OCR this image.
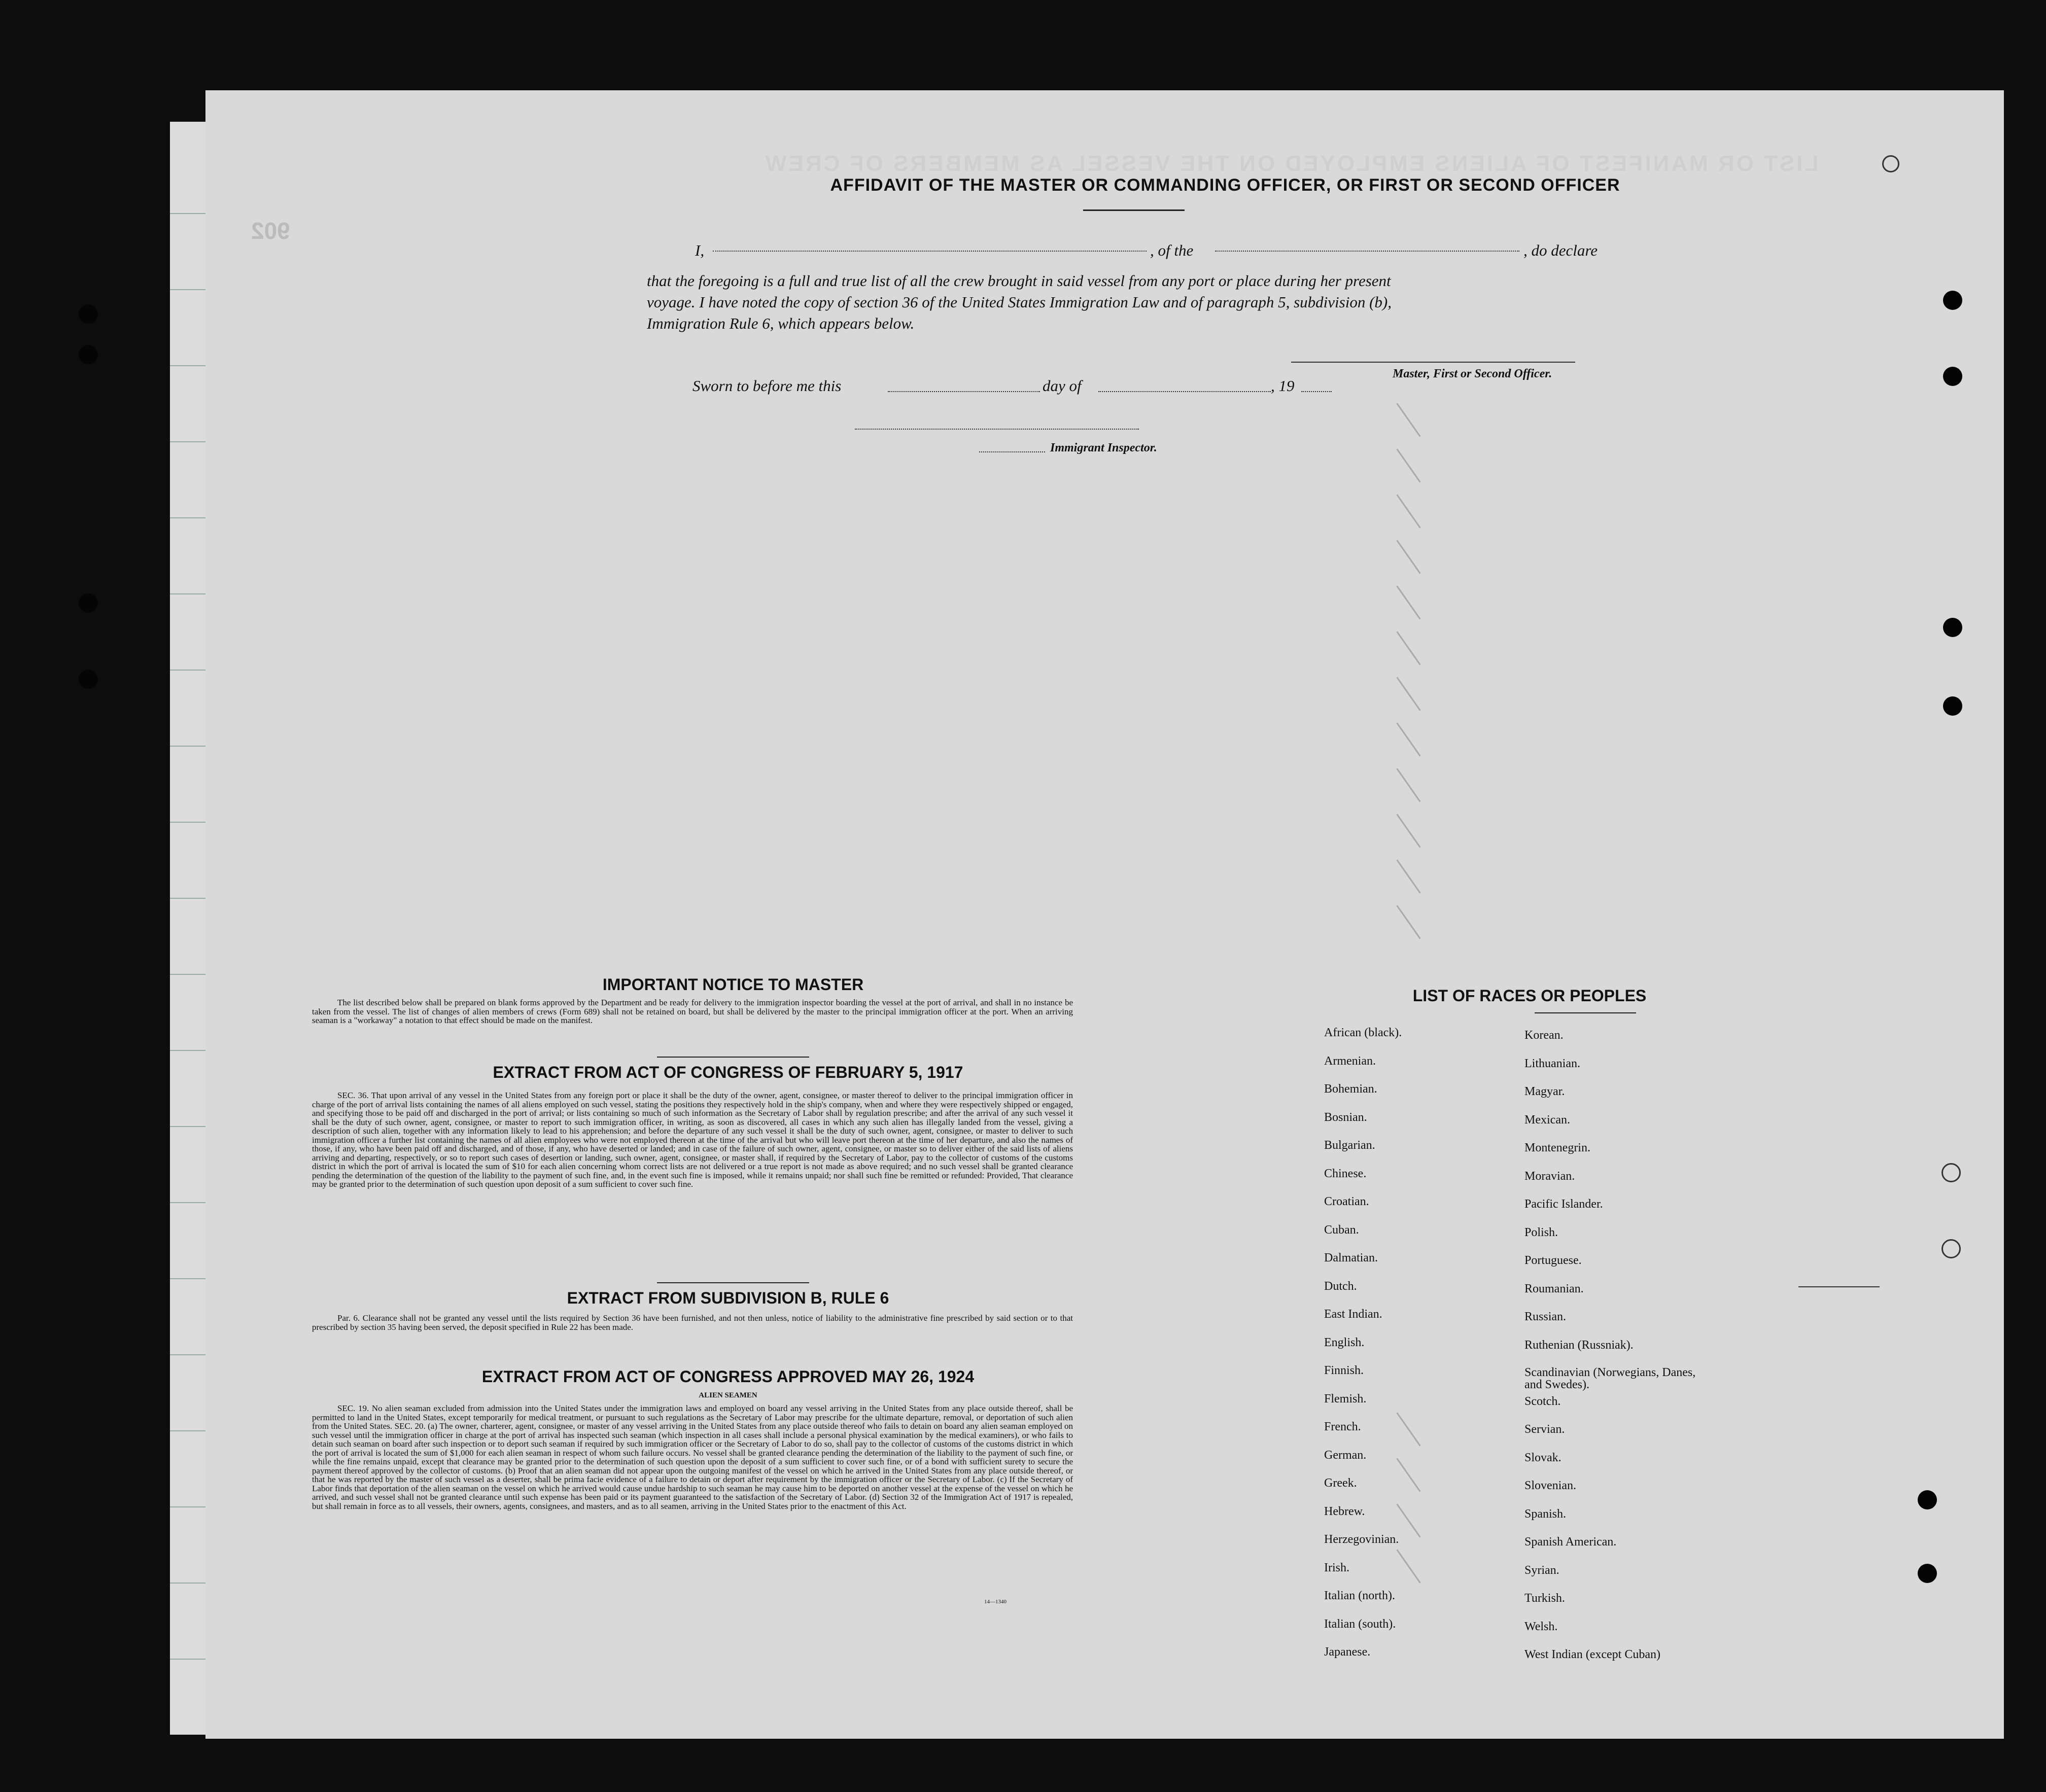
LIST OR MANIFEST OF ALIENS EMPLOYED ON THE VESSEL AS MEMBERS OF CREW
902
AFFIDAVIT OF THE MASTER OR COMMANDING OFFICER, OR FIRST OR SECOND OFFICER
I,	, of the	, do declare
that the foregoing is a full and true list of all the crew brought in said vessel from any port or place during her present
voyage. I have noted the copy of section 36 of the United States Immigration Law and of paragraph 5, subdivision (b),
Immigration Rule 6, which appears below.
Master, First or Second Officer.
Sworn to before me this	day of	, 19
Immigrant Inspector.
IMPORTANT NOTICE TO MASTER
The list described below shall be prepared on blank forms approved by the Department and be ready for delivery to the immigration inspector boarding the vessel at the port of arrival, and shall in no instance be taken from the vessel. The list of changes of alien members of crews (Form 689) shall not be retained on board, but shall be delivered by the master to the principal immigration officer at the port. When an arriving seaman is a "workaway" a notation to that effect should be made on the manifest.
EXTRACT FROM ACT OF CONGRESS OF FEBRUARY 5, 1917
SEC. 36. That upon arrival of any vessel in the United States from any foreign port or place it shall be the duty of the owner, agent, consignee, or master thereof to deliver to the principal immigration officer in charge of the port of arrival lists containing the names of all aliens employed on such vessel, stating the positions they respectively hold in the ship's company, when and where they were respectively shipped or engaged, and specifying those to be paid off and discharged in the port of arrival; or lists containing so much of such information as the Secretary of Labor shall by regulation prescribe; and after the arrival of any such vessel it shall be the duty of such owner, agent, consignee, or master to report to such immigration officer, in writing, as soon as discovered, all cases in which any such alien has illegally landed from the vessel, giving a description of such alien, together with any information likely to lead to his apprehension; and before the departure of any such vessel it shall be the duty of such owner, agent, consignee, or master to deliver to such immigration officer a further list containing the names of all alien employees who were not employed thereon at the time of the arrival but who will leave port thereon at the time of her departure, and also the names of those, if any, who have been paid off and discharged, and of those, if any, who have deserted or landed; and in case of the failure of such owner, agent, consignee, or master so to deliver either of the said lists of aliens arriving and departing, respectively, or so to report such cases of desertion or landing, such owner, agent, consignee, or master shall, if required by the Secretary of Labor, pay to the collector of customs of the customs district in which the port of arrival is located the sum of $10 for each alien concerning whom correct lists are not delivered or a true report is not made as above required; and no such vessel shall be granted clearance pending the determination of the question of the liability to the payment of such fine, and, in the event such fine is imposed, while it remains unpaid; nor shall such fine be remitted or refunded: Provided, That clearance may be granted prior to the determination of such question upon deposit of a sum sufficient to cover such fine.
EXTRACT FROM SUBDIVISION B, RULE 6
Par. 6. Clearance shall not be granted any vessel until the lists required by Section 36 have been furnished, and not then unless, notice of liability to the administrative fine prescribed by said section or to that prescribed by section 35 having been served, the deposit specified in Rule 22 has been made.
EXTRACT FROM ACT OF CONGRESS APPROVED MAY 26, 1924
ALIEN SEAMEN
SEC. 19. No alien seaman excluded from admission into the United States under the immigration laws and employed on board any vessel arriving in the United States from any place outside thereof, shall be permitted to land in the United States, except temporarily for medical treatment, or pursuant to such regulations as the Secretary of Labor may prescribe for the ultimate departure, removal, or deportation of such alien from the United States. SEC. 20. (a) The owner, charterer, agent, consignee, or master of any vessel arriving in the United States from any place outside thereof who fails to detain on board any alien seaman employed on such vessel until the immigration officer in charge at the port of arrival has inspected such seaman (which inspection in all cases shall include a personal physical examination by the medical examiners), or who fails to detain such seaman on board after such inspection or to deport such seaman if required by such immigration officer or the Secretary of Labor to do so, shall pay to the collector of customs of the customs district in which the port of arrival is located the sum of $1,000 for each alien seaman in respect of whom such failure occurs. No vessel shall be granted clearance pending the determination of the liability to the payment of such fine, or while the fine remains unpaid, except that clearance may be granted prior to the determination of such question upon the deposit of a sum sufficient to cover such fine, or of a bond with sufficient surety to secure the payment thereof approved by the collector of customs. (b) Proof that an alien seaman did not appear upon the outgoing manifest of the vessel on which he arrived in the United States from any place outside thereof, or that he was reported by the master of such vessel as a deserter, shall be prima facie evidence of a failure to detain or deport after requirement by the immigration officer or the Secretary of Labor. (c) If the Secretary of Labor finds that deportation of the alien seaman on the vessel on which he arrived would cause undue hardship to such seaman he may cause him to be deported on another vessel at the expense of the vessel on which he arrived, and such vessel shall not be granted clearance until such expense has been paid or its payment guaranteed to the satisfaction of the Secretary of Labor. (d) Section 32 of the Immigration Act of 1917 is repealed, but shall remain in force as to all vessels, their owners, agents, consignees, and masters, and as to all seamen, arriving in the United States prior to the enactment of this Act.
14—1340
LIST OF RACES OR PEOPLES
African (black).
Armenian.
Bohemian.
Bosnian.
Bulgarian.
Chinese.
Croatian.
Cuban.
Dalmatian.
Dutch.
East Indian.
English.
Finnish.
Flemish.
French.
German.
Greek.
Hebrew.
Herzegovinian.
Irish.
Italian (north).
Italian (south).
Japanese.
Korean.
Lithuanian.
Magyar.
Mexican.
Montenegrin.
Moravian.
Pacific Islander.
Polish.
Portuguese.
Roumanian.
Russian.
Ruthenian (Russniak).
Scandinavian (Norwegians, Danes, and Swedes).
Scotch.
Servian.
Slovak.
Slovenian.
Spanish.
Spanish American.
Syrian.
Turkish.
Welsh.
West Indian (except Cuban)
